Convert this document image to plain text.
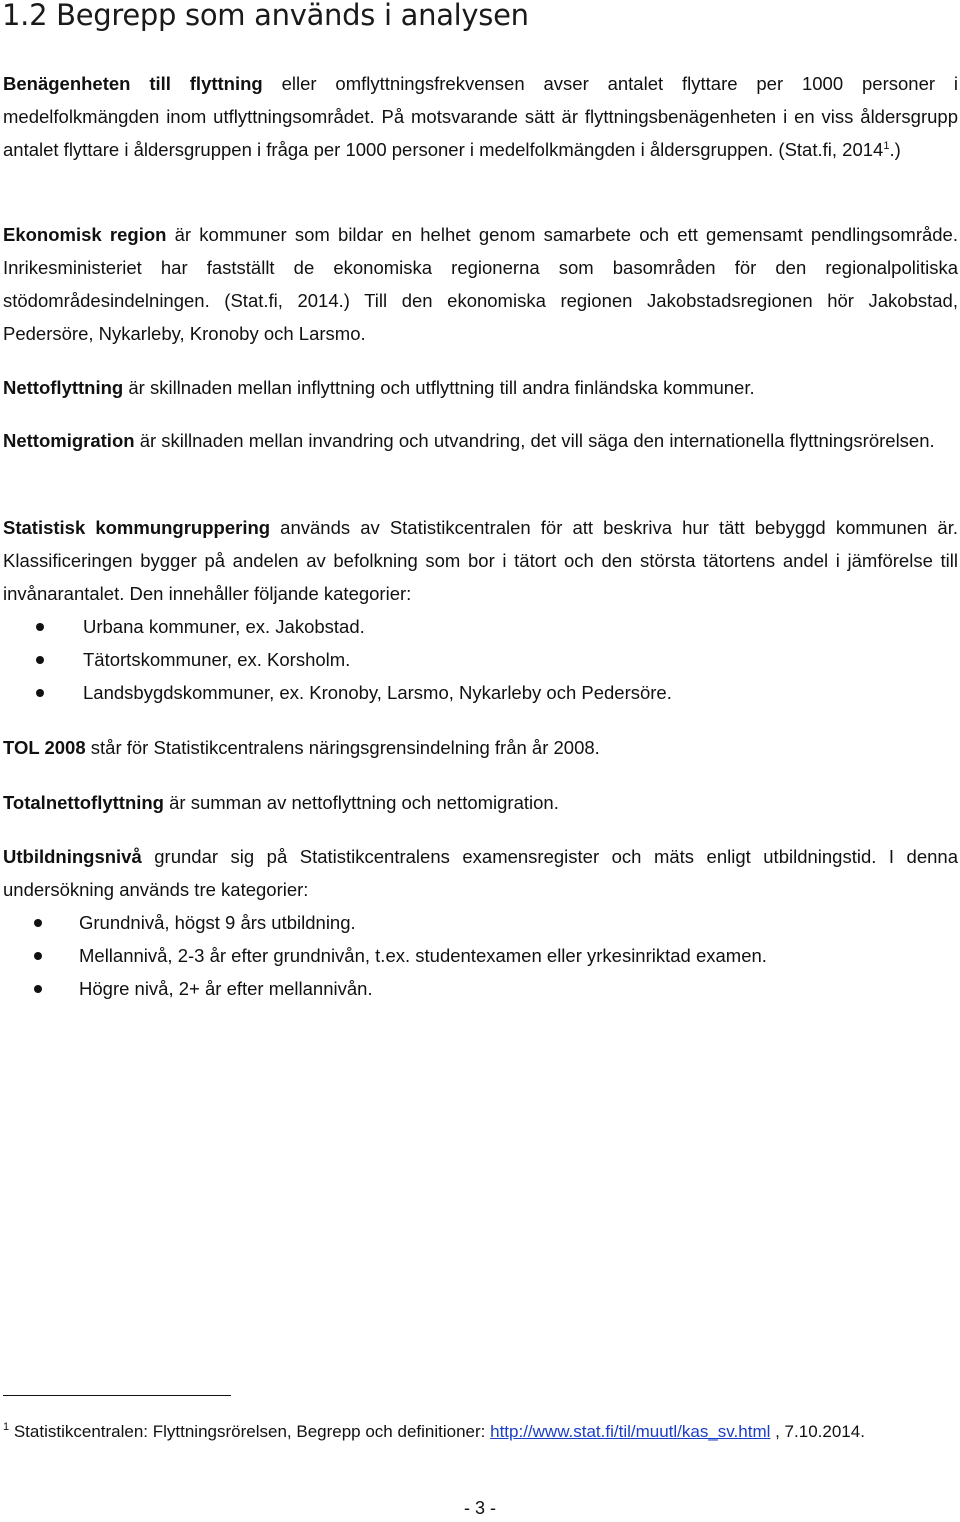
1.2 Begrepp som används i analysen

Benägenheten till flyttning eller omflyttningsfrekvensen avser antalet flyttare per 1000 personer i medelfolkmängden inom utflyttningsområdet. På motsvarande sätt är flyttningsbenägenheten i en viss åldersgrupp antalet flyttare i åldersgruppen i fråga per 1000 personer i medelfolkmängden i åldersgruppen. (Stat.fi, 2014$^1$.)

Ekonomisk region är kommuner som bildar en helhet genom samarbete och ett gemensamt pendlingsområde. Inrikesministeriet har fastställt de ekonomiska regionerna som basområden för den regionalpolitiska stödområdesindelningen. (Stat.fi, 2014.) Till den ekonomiska regionen Jakobstadsregionen hör Jakobstad, Pedersöre, Nykarleby, Kronoby och Larsmo.

Nettoflyttning är skillnaden mellan inflyttning och utflyttning till andra finländska kommuner.

Nettomigration är skillnaden mellan invandring och utvandring, det vill säga den internationella flyttningsrörelsen.

Statistisk kommungruppering används av Statistikcentralen för att beskriva hur tätt bebyggd kommunen är. Klassificeringen bygger på andelen av befolkning som bor i tätort och den största tätortens andel i jämförelse till invånarantalet. Den innehåller följande kategorier:

Urbana kommuner, ex. Jakobstad.
Tätortskommuner, ex. Korsholm.
Landsbygdskommuner, ex. Kronoby, Larsmo, Nykarleby och Pedersöre.

TOL 2008 står för Statistikcentralens näringsgrensindelning från år 2008.

Totalnettoflyttning är summan av nettoflyttning och nettomigration.

Utbildningsnivå grundar sig på Statistikcentralens examensregister och mäts enligt utbildningstid. I denna undersökning används tre kategorier:

Grundnivå, högst 9 års utbildning.
Mellannivå, 2-3 år efter grundnivån, t.ex. studentexamen eller yrkesinriktad examen.
Högre nivå, 2+ år efter mellannivån.

$^1$ Statistikcentralen: Flyttningsrörelsen, Begrepp och definitioner: http://www.stat.fi/til/muutl/kas_sv.html , 7.10.2014.

- 3 -
